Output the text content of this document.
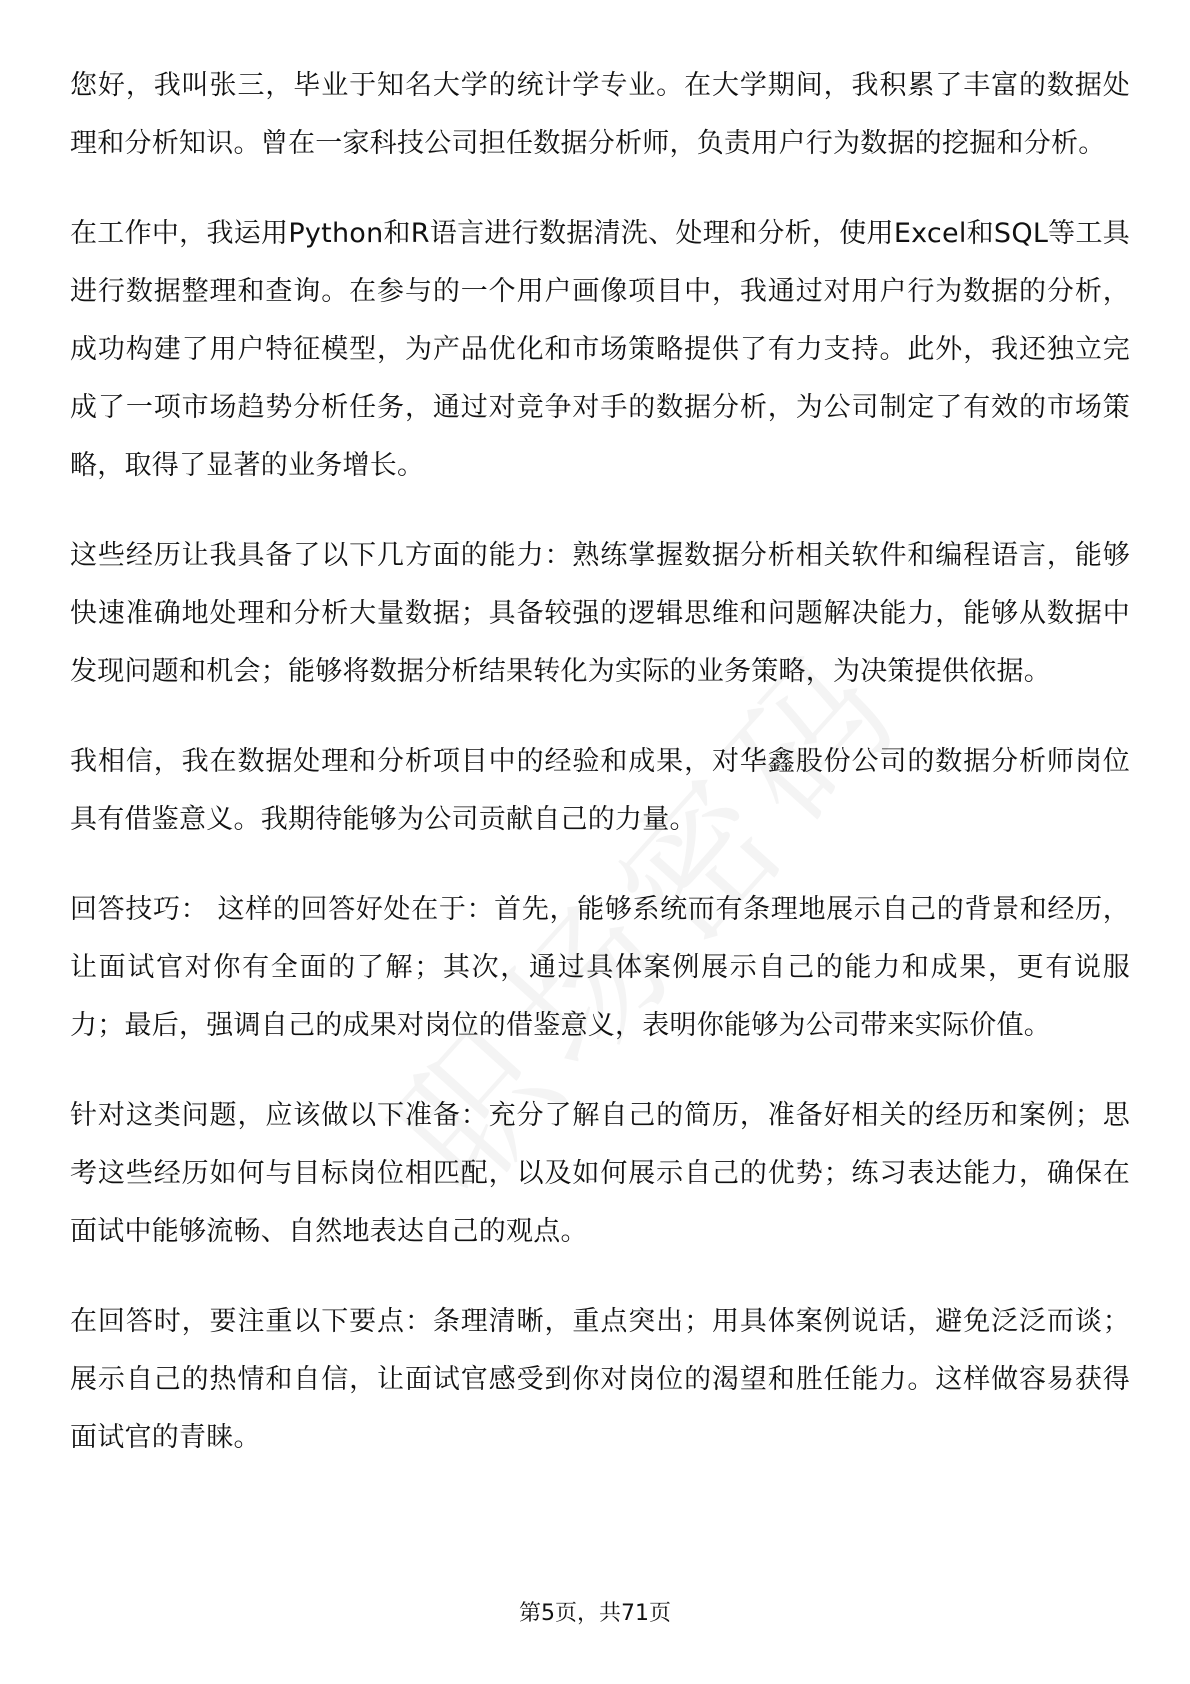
您好，我叫张三，毕业于知名大学的统计学专业。在大学期间，我积累了丰富的数据处理和分析知识。曾在一家科技公司担任数据分析师，负责用户行为数据的挖掘和分析。

在工作中，我运用Python和R语言进行数据清洗、处理和分析，使用Excel和SQL等工具进行数据整理和查询。在参与的一个用户画像项目中，我通过对用户行为数据的分析，成功构建了用户特征模型，为产品优化和市场策略提供了有力支持。此外，我还独立完成了一项市场趋势分析任务，通过对竞争对手的数据分析，为公司制定了有效的市场策略，取得了显著的业务增长。

这些经历让我具备了以下几方面的能力：熟练掌握数据分析相关软件和编程语言，能够快速准确地处理和分析大量数据；具备较强的逻辑思维和问题解决能力，能够从数据中发现问题和机会；能够将数据分析结果转化为实际的业务策略，为决策提供依据。

我相信，我在数据处理和分析项目中的经验和成果，对华鑫股份公司的数据分析师岗位具有借鉴意义。我期待能够为公司贡献自己的力量。

回答技巧： 这样的回答好处在于：首先，能够系统而有条理地展示自己的背景和经历，让面试官对你有全面的了解；其次，通过具体案例展示自己的能力和成果，更有说服力；最后，强调自己的成果对岗位的借鉴意义，表明你能够为公司带来实际价值。

针对这类问题，应该做以下准备：充分了解自己的简历，准备好相关的经历和案例；思考这些经历如何与目标岗位相匹配，以及如何展示自己的优势；练习表达能力，确保在面试中能够流畅、自然地表达自己的观点。

在回答时，要注重以下要点：条理清晰，重点突出；用具体案例说话，避免泛泛而谈；展示自己的热情和自信，让面试官感受到你对岗位的渴望和胜任能力。这样做容易获得面试官的青睐。

第5页，共71页
